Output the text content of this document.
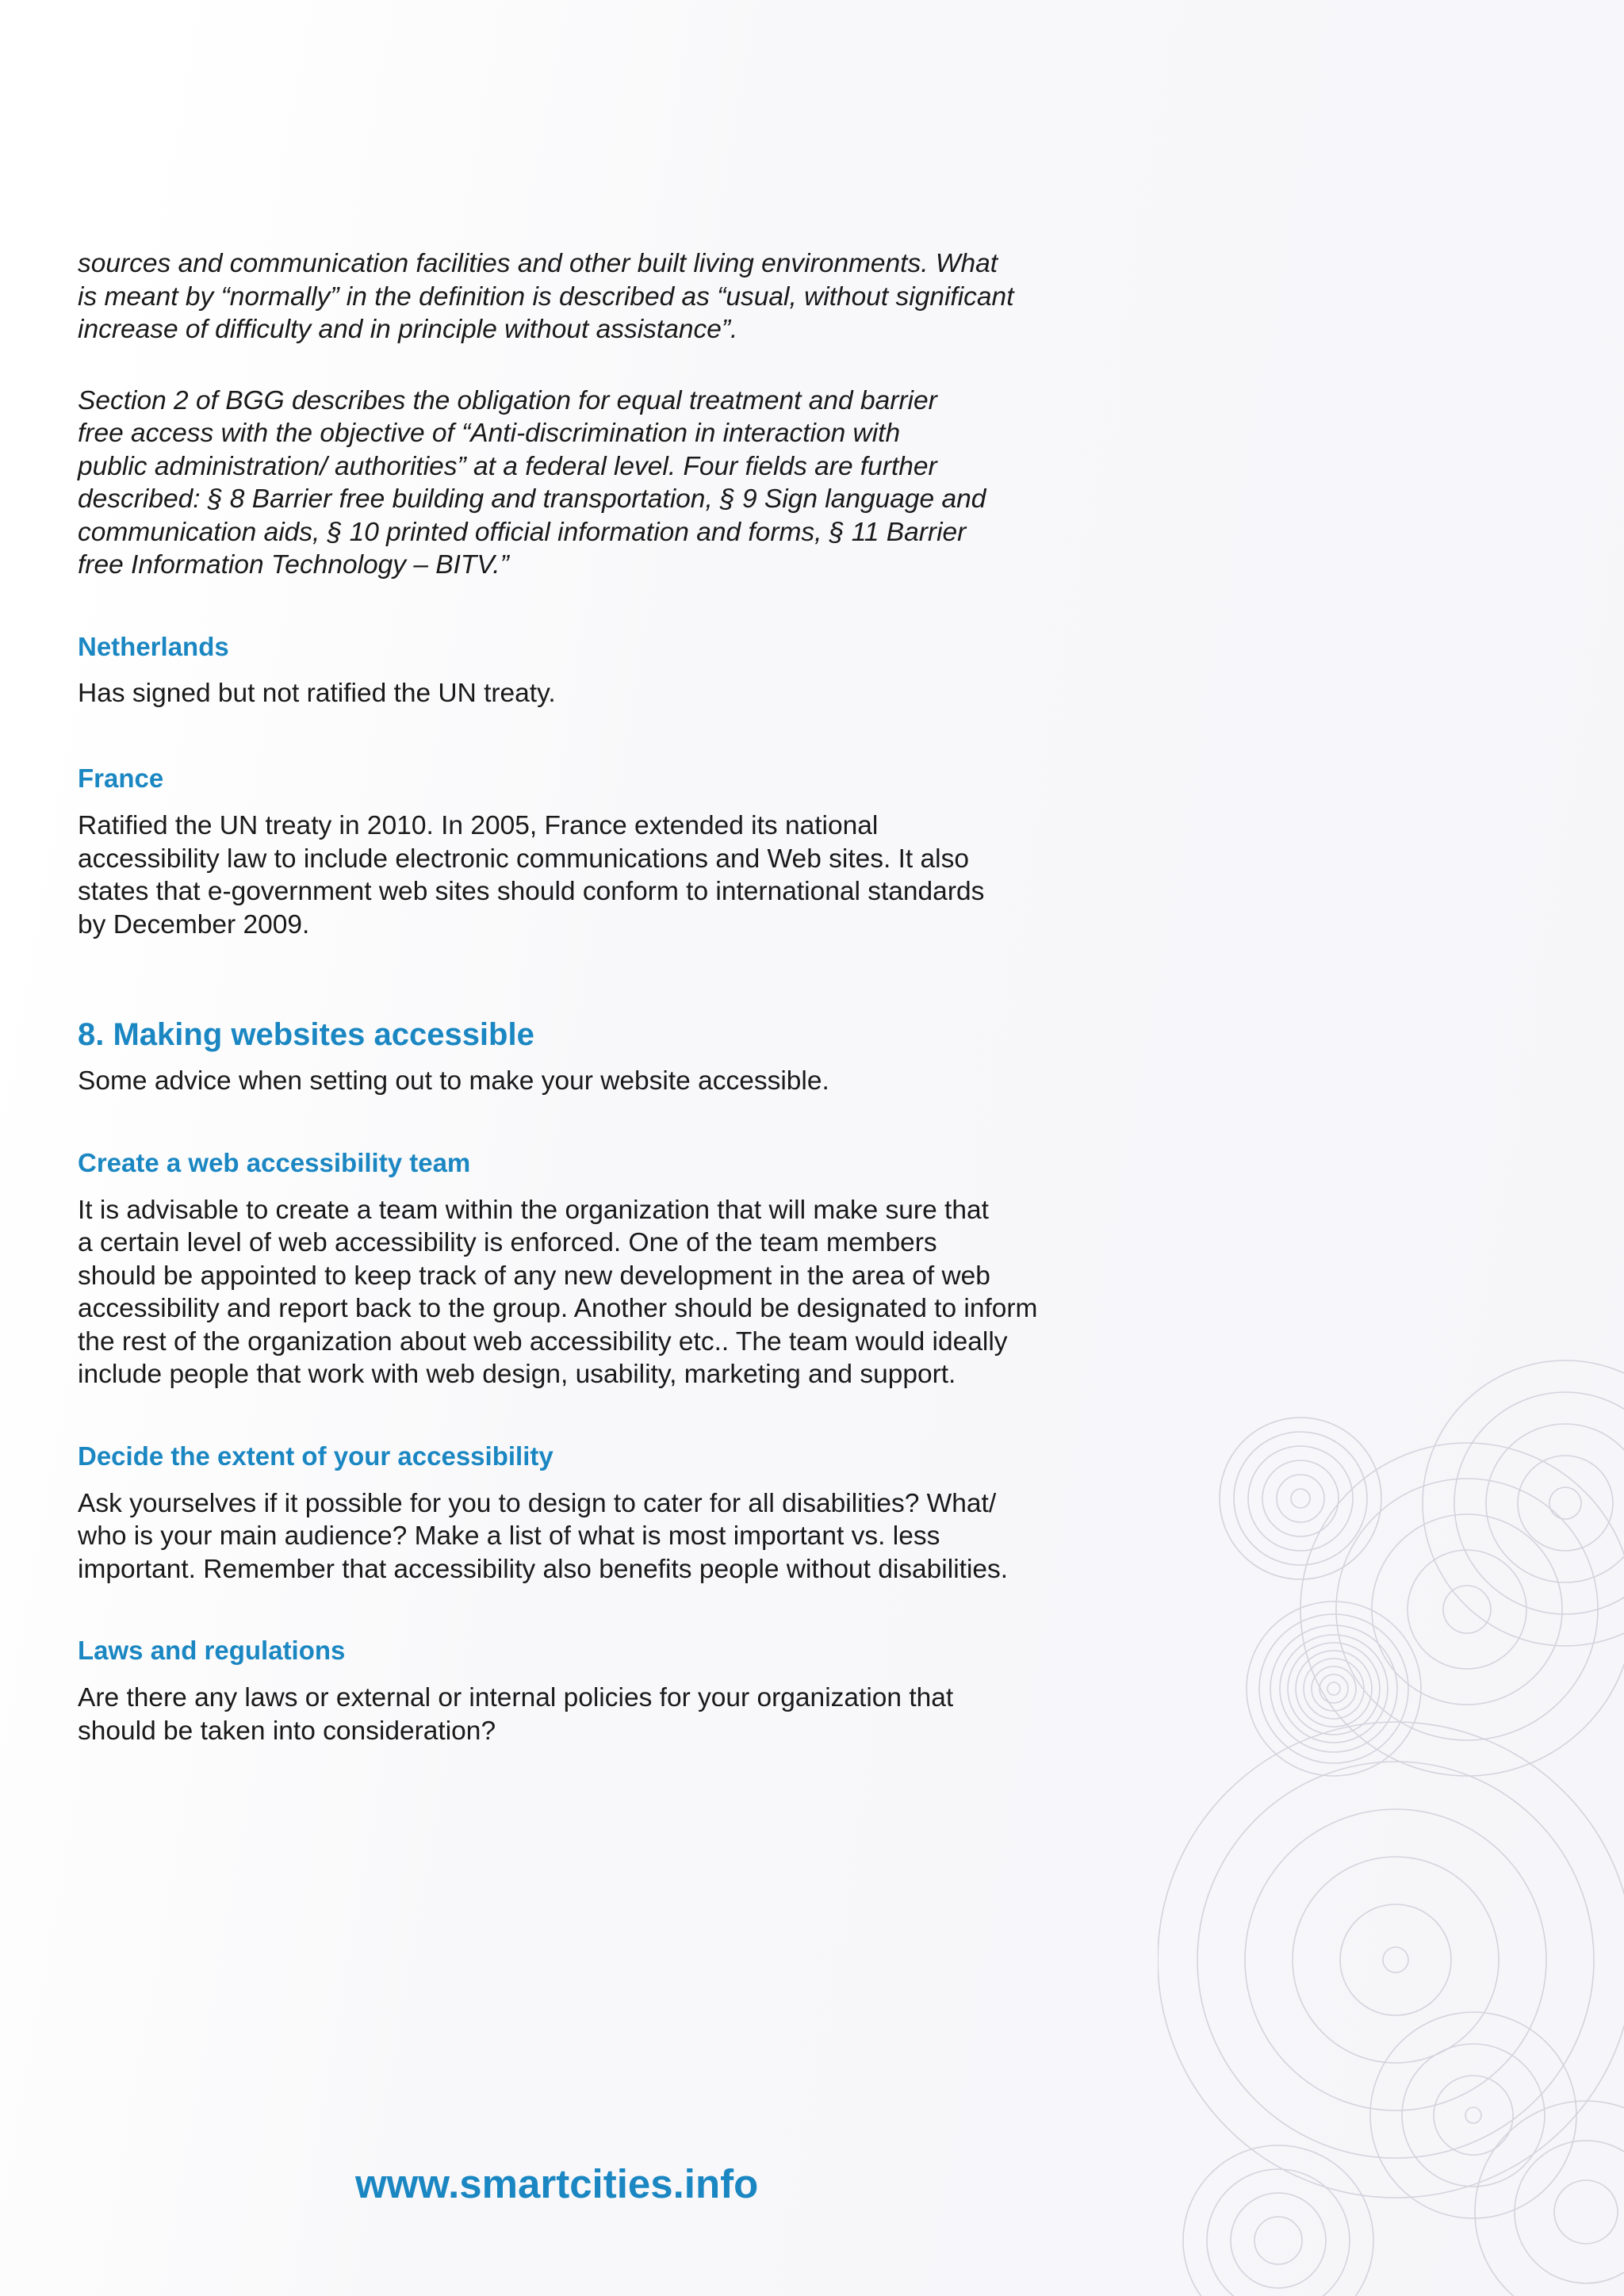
sources and communication facilities and other built living environments. What

is meant by “normally” in the definition is described as “usual, without significant

increase of difficulty and in principle without assistance”.

Section 2 of BGG describes the obligation for equal treatment and barrier

free access with the objective of “Anti-discrimination in interaction with

public administration/ authorities” at a federal level. Four fields are further

described: § 8 Barrier free building and transportation, § 9 Sign language and

communication aids, § 10 printed official information and forms, § 11 Barrier

free Information Technology – BITV.”

Netherlands

Has signed but not ratified the UN treaty.

France

Ratified the UN treaty in 2010. In 2005, France extended its national

accessibility law to include electronic communications and Web sites. It also

states that e-government web sites should conform to international standards

by December 2009.

8. Making websites accessible

Some advice when setting out to make your website accessible.

Create a web accessibility team

It is advisable to create a team within the organization that will make sure that

a certain level of web accessibility is enforced. One of the team members

should be appointed to keep track of any new development in the area of web

accessibility and report back to the group. Another should be designated to inform

the rest of the organization about web accessibility etc.. The team would ideally

include people that work with web design, usability, marketing and support.

Decide the extent of your accessibility

Ask yourselves if it possible for you to design to cater for all disabilities? What/

who is your main audience? Make a list of what is most important vs. less

important. Remember that accessibility also benefits people without disabilities.

Laws and regulations

Are there any laws or external or internal policies for your organization that

should be taken into consideration?

www.smartcities.info
